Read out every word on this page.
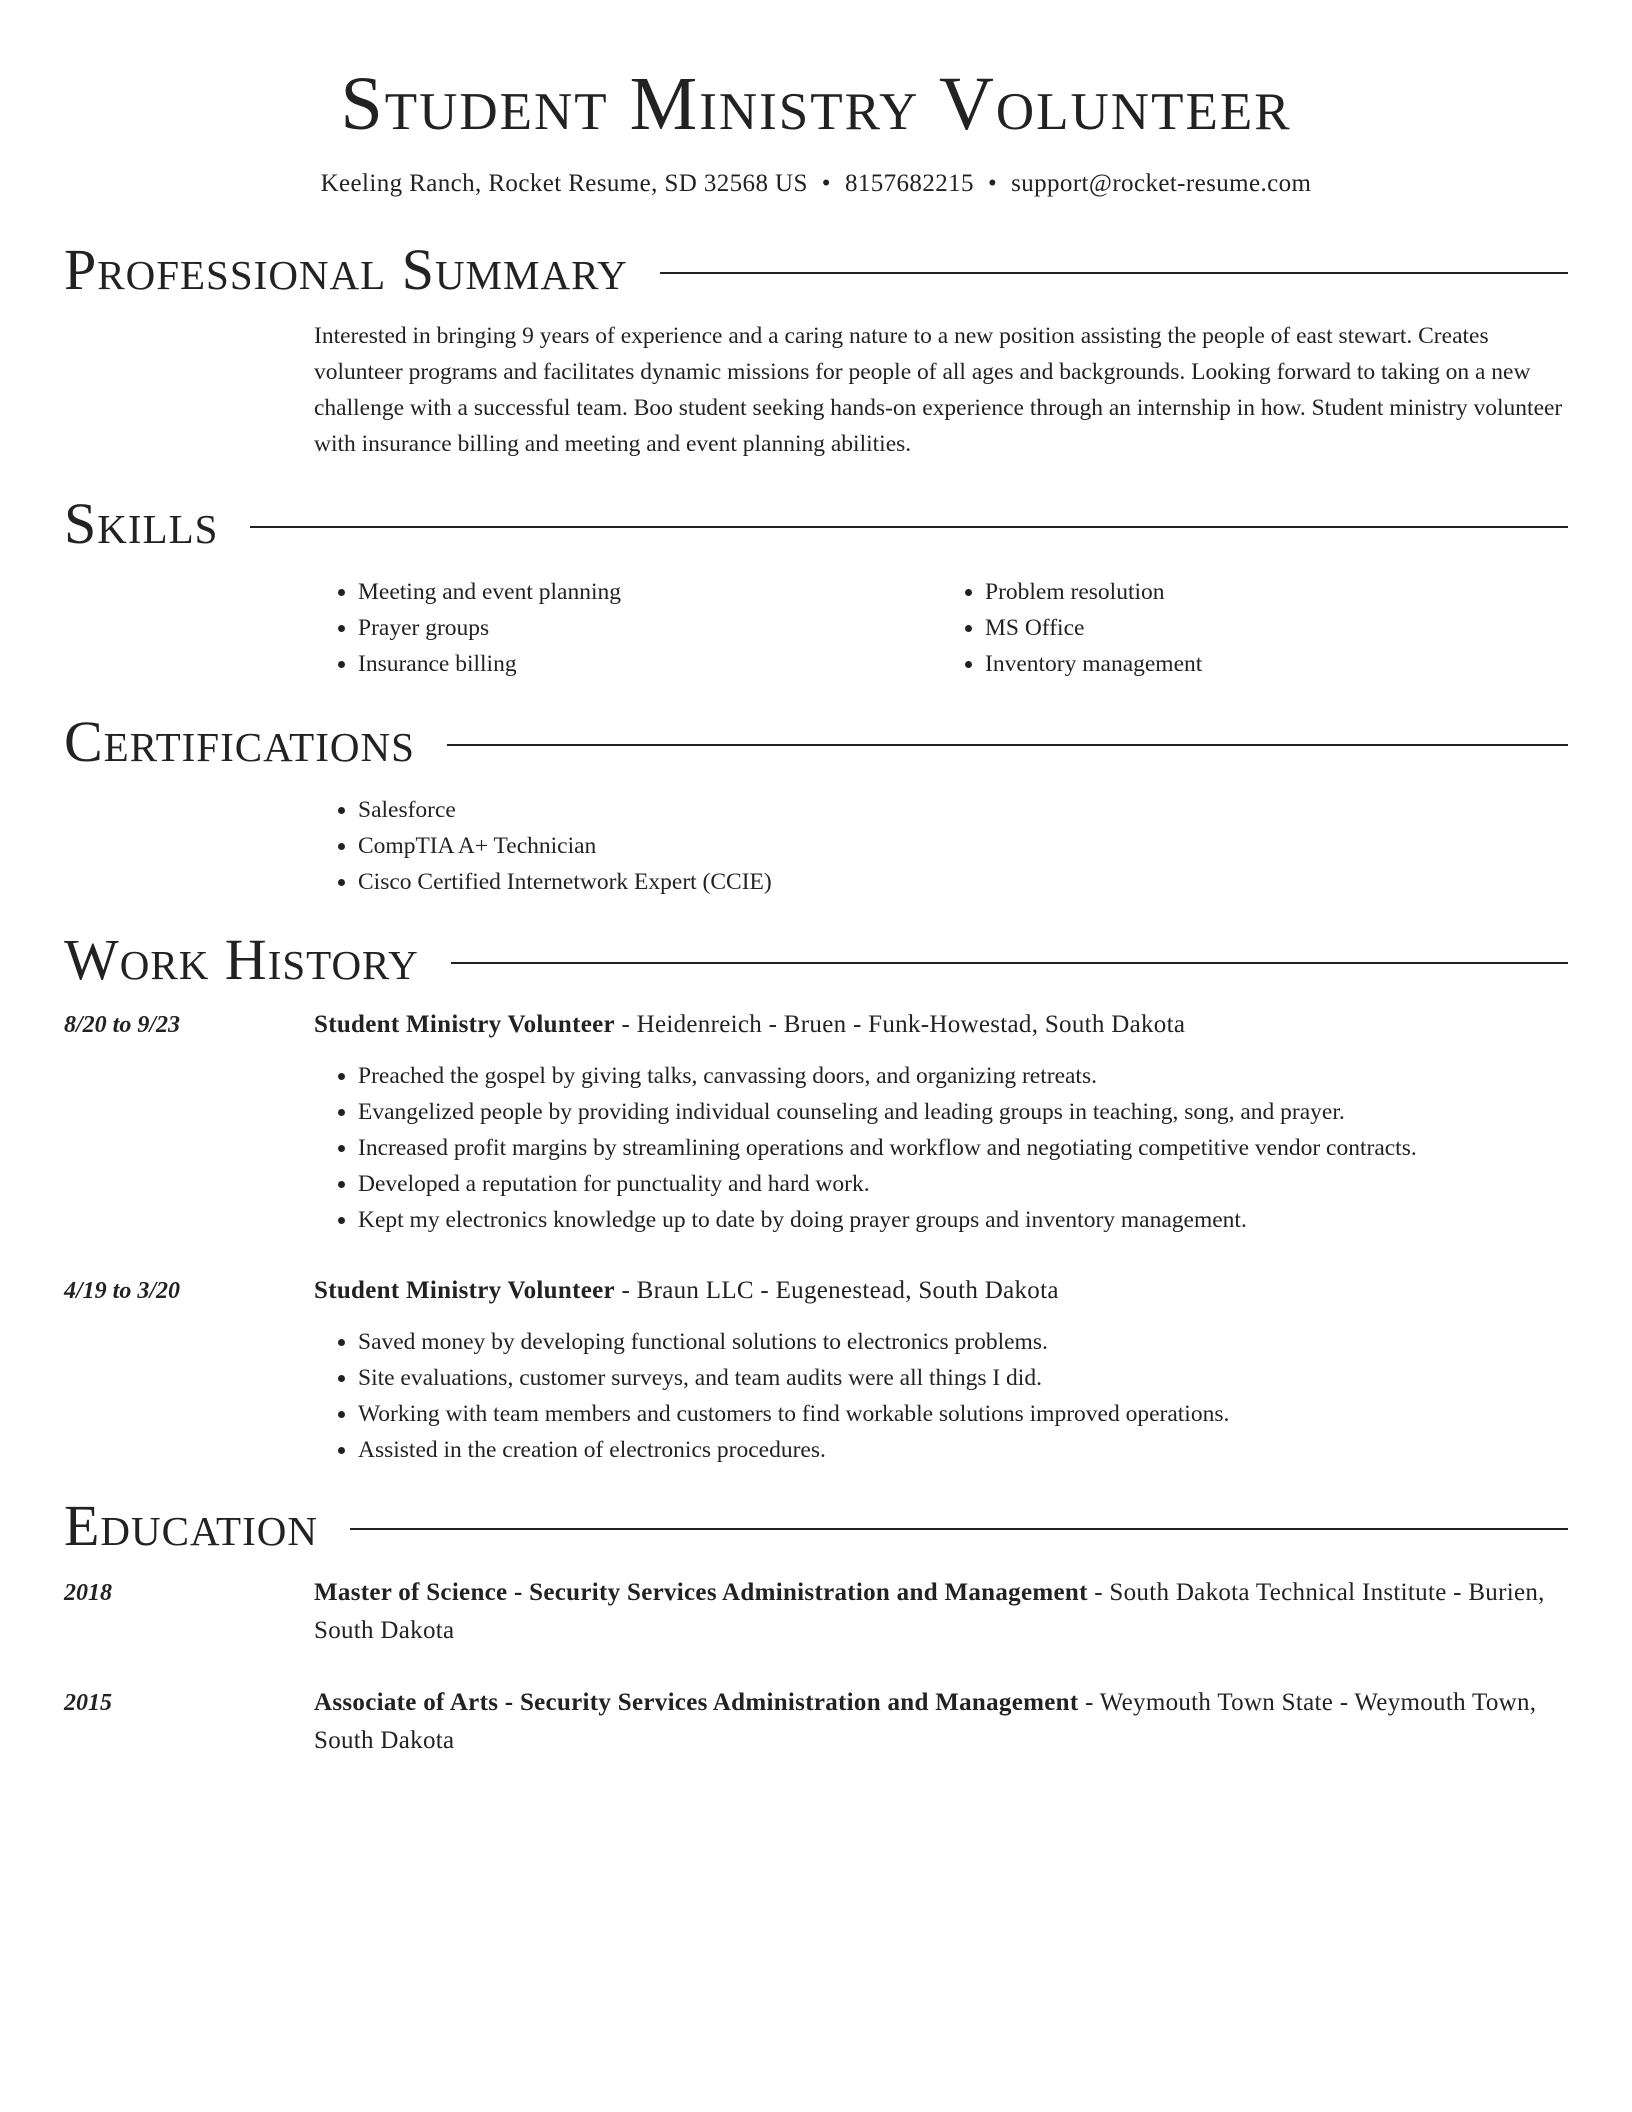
Student Ministry Volunteer
Keeling Ranch, Rocket Resume, SD 32568 US • 8157682215 • support@rocket-resume.com
Professional Summary

Interested in bringing 9 years of experience and a caring nature to a new position assisting the people of east stewart. Creates volunteer programs and facilitates dynamic missions for people of all ages and backgrounds. Looking forward to taking on a new challenge with a successful team. Boo student seeking hands-on experience through an internship in how. Student ministry volunteer with insurance billing and meeting and event planning abilities.

Skills
• Meeting and event planning
• Prayer groups
• Insurance billing
• Problem resolution
• MS Office
• Inventory management
Certifications
• Salesforce
• CompTIA A+ Technician
• Cisco Certified Internetwork Expert (CCIE)
Work History
8/20 to 9/23	Student Ministry Volunteer - Heidenreich - Bruen - Funk-Howestad, South Dakota
• Preached the gospel by giving talks, canvassing doors, and organizing retreats.
• Evangelized people by providing individual counseling and leading groups in teaching, song, and prayer.
• Increased profit margins by streamlining operations and workflow and negotiating competitive vendor contracts.
• Developed a reputation for punctuality and hard work.
• Kept my electronics knowledge up to date by doing prayer groups and inventory management.
4/19 to 3/20	Student Ministry Volunteer - Braun LLC - Eugenestead, South Dakota
• Saved money by developing functional solutions to electronics problems.
• Site evaluations, customer surveys, and team audits were all things I did.
• Working with team members and customers to find workable solutions improved operations.
• Assisted in the creation of electronics procedures.
Education
2018	Master of Science - Security Services Administration and Management - South Dakota Technical Institute - Burien, South Dakota
2015	Associate of Arts - Security Services Administration and Management - Weymouth Town State - Weymouth Town, South Dakota
